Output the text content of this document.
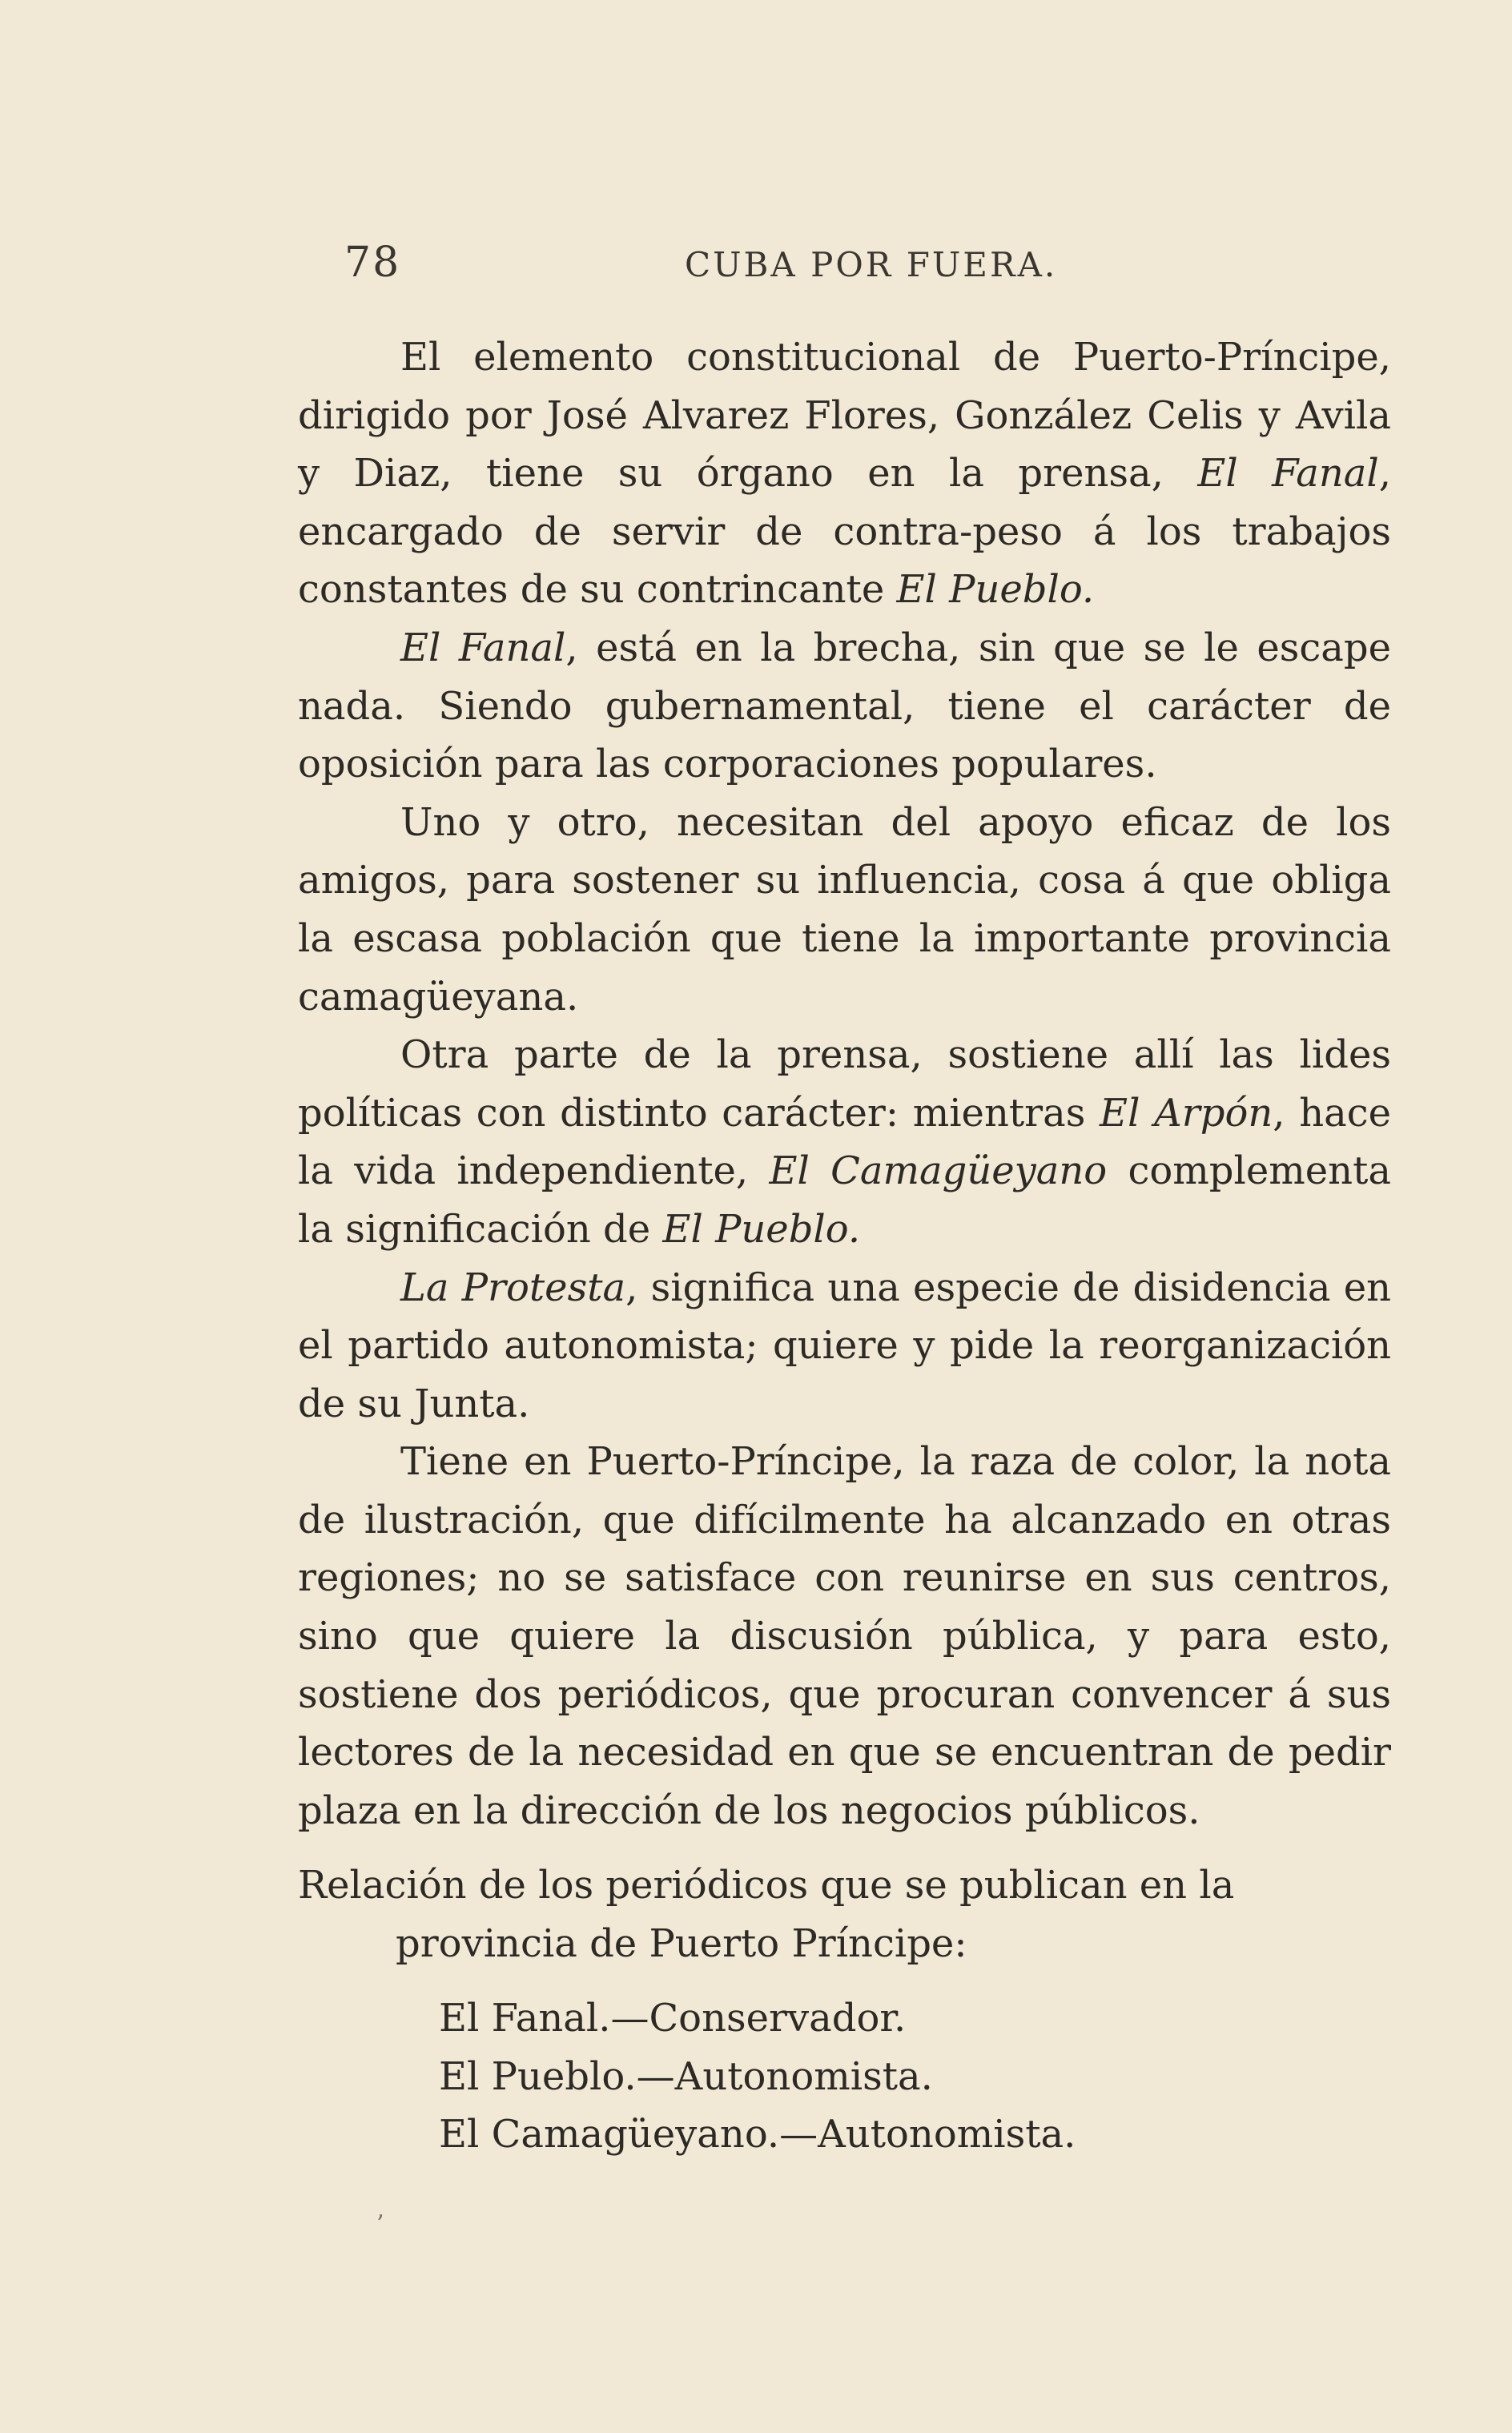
78	CUBA POR FUERA.

El elemento constitucional de Puerto-Príncipe, dirigido por José Alvarez Flores, González Celis y Avila y Diaz, tiene su órgano en la prensa, El Fanal, encargado de servir de contra-peso á los trabajos constantes de su contrincante El Pueblo.

El Fanal, está en la brecha, sin que se le escape nada. Siendo gubernamental, tiene el carácter de oposición para las corporaciones populares.

Uno y otro, necesitan del apoyo eficaz de los amigos, para sostener su influencia, cosa á que obliga la escasa población que tiene la importante provincia camagüeyana.

Otra parte de la prensa, sostiene allí las lides políticas con distinto carácter: mientras El Arpón, hace la vida independiente, El Camagüeyano complementa la significación de El Pueblo.

La Protesta, significa una especie de disidencia en el partido autonomista; quiere y pide la reorganización de su Junta.

Tiene en Puerto-Príncipe, la raza de color, la nota de ilustración, que difícilmente ha alcanzado en otras regiones; no se satisface con reunirse en sus centros, sino que quiere la discusión pública, y para esto, sostiene dos periódicos, que procuran convencer á sus lectores de la necesidad en que se encuentran de pedir plaza en la dirección de los negocios públicos.

Relación de los periódicos que se publican en la provincia de Puerto Príncipe:

El Fanal.—Conservador.
El Pueblo.—Autonomista.
El Camagüeyano.—Autonomista.
’
